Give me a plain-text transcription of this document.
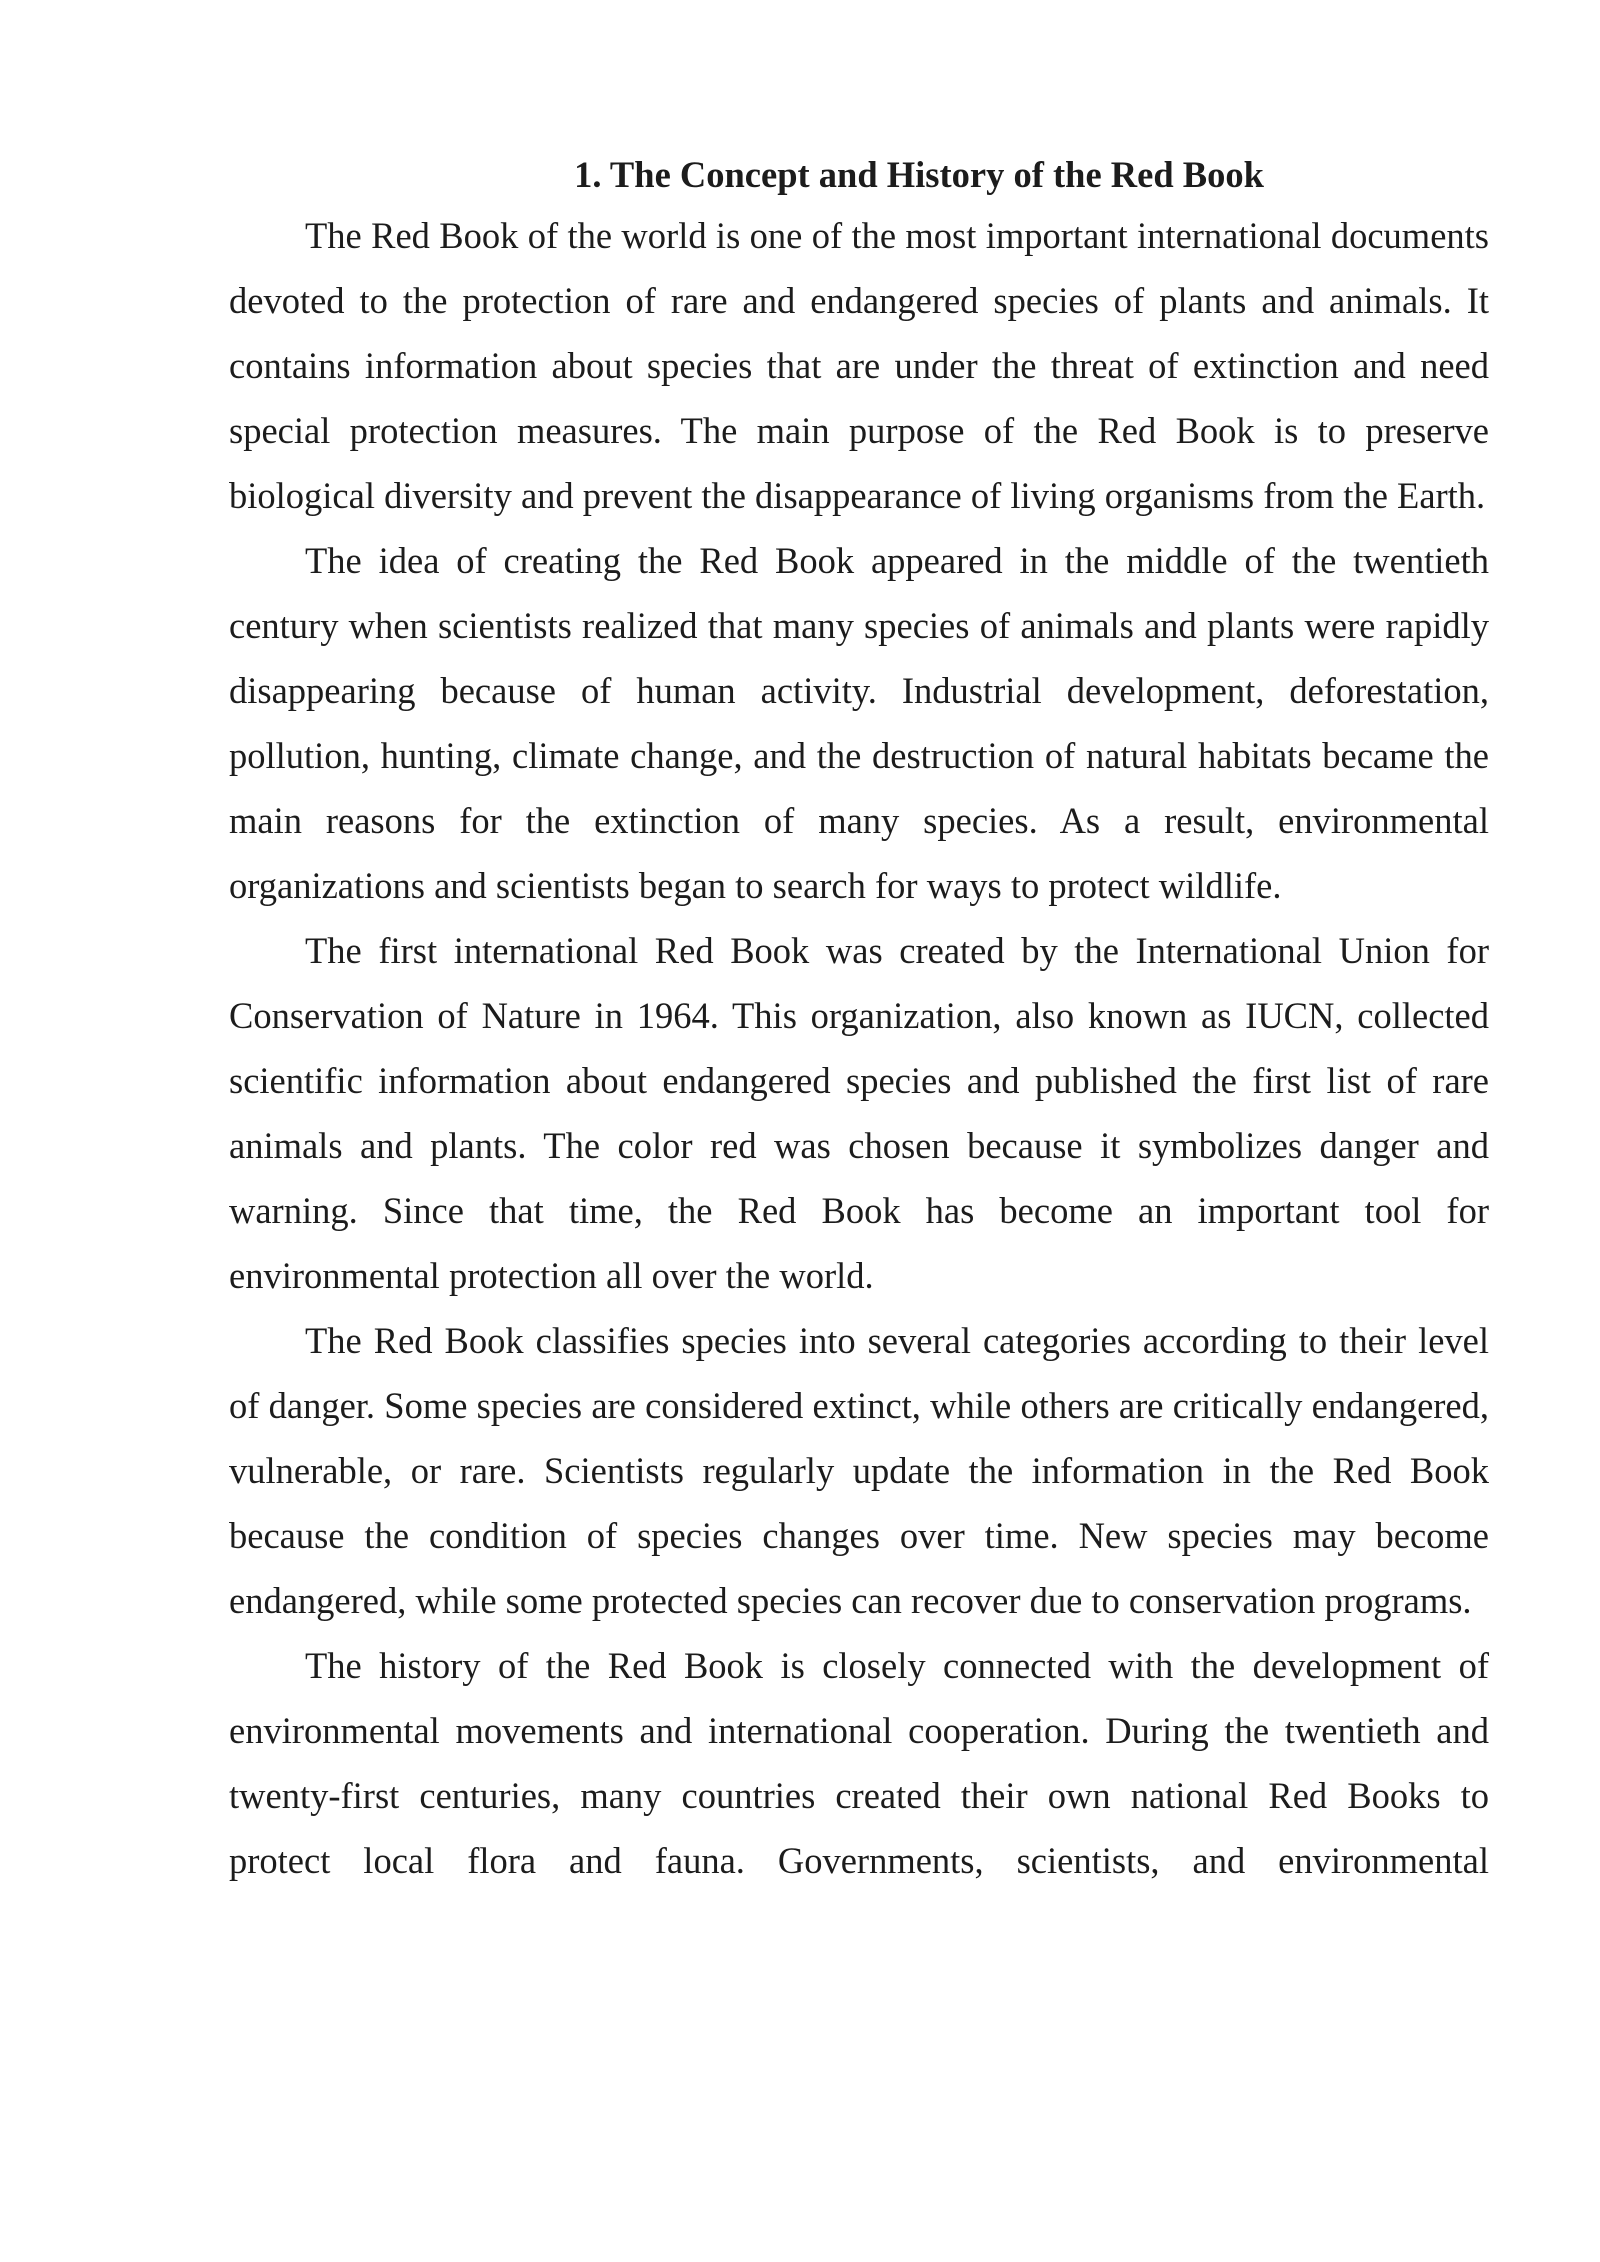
1. The Concept and History of the Red Book

The Red Book of the world is one of the most important international documents devoted to the protection of rare and endangered species of plants and animals. It contains information about species that are under the threat of extinction and need special protection measures. The main purpose of the Red Book is to preserve biological diversity and prevent the disappearance of living organisms from the Earth.

The idea of creating the Red Book appeared in the middle of the twentieth century when scientists realized that many species of animals and plants were rapidly disappearing because of human activity. Industrial development, deforestation, pollution, hunting, climate change, and the destruction of natural habitats became the main reasons for the extinction of many species. As a result, environmental organizations and scientists began to search for ways to protect wildlife.

The first international Red Book was created by the International Union for Conservation of Nature in 1964. This organization, also known as IUCN, collected scientific information about endangered species and published the first list of rare animals and plants. The color red was chosen because it symbolizes danger and warning. Since that time, the Red Book has become an important tool for environmental protection all over the world.

The Red Book classifies species into several categories according to their level of danger. Some species are considered extinct, while others are critically endangered, vulnerable, or rare. Scientists regularly update the information in the Red Book because the condition of species changes over time. New species may become endangered, while some protected species can recover due to conservation programs.

The history of the Red Book is closely connected with the development of environmental movements and international cooperation. During the twentieth and twenty-first centuries, many countries created their own national Red Books to protect local flora and fauna. Governments, scientists, and environmental
